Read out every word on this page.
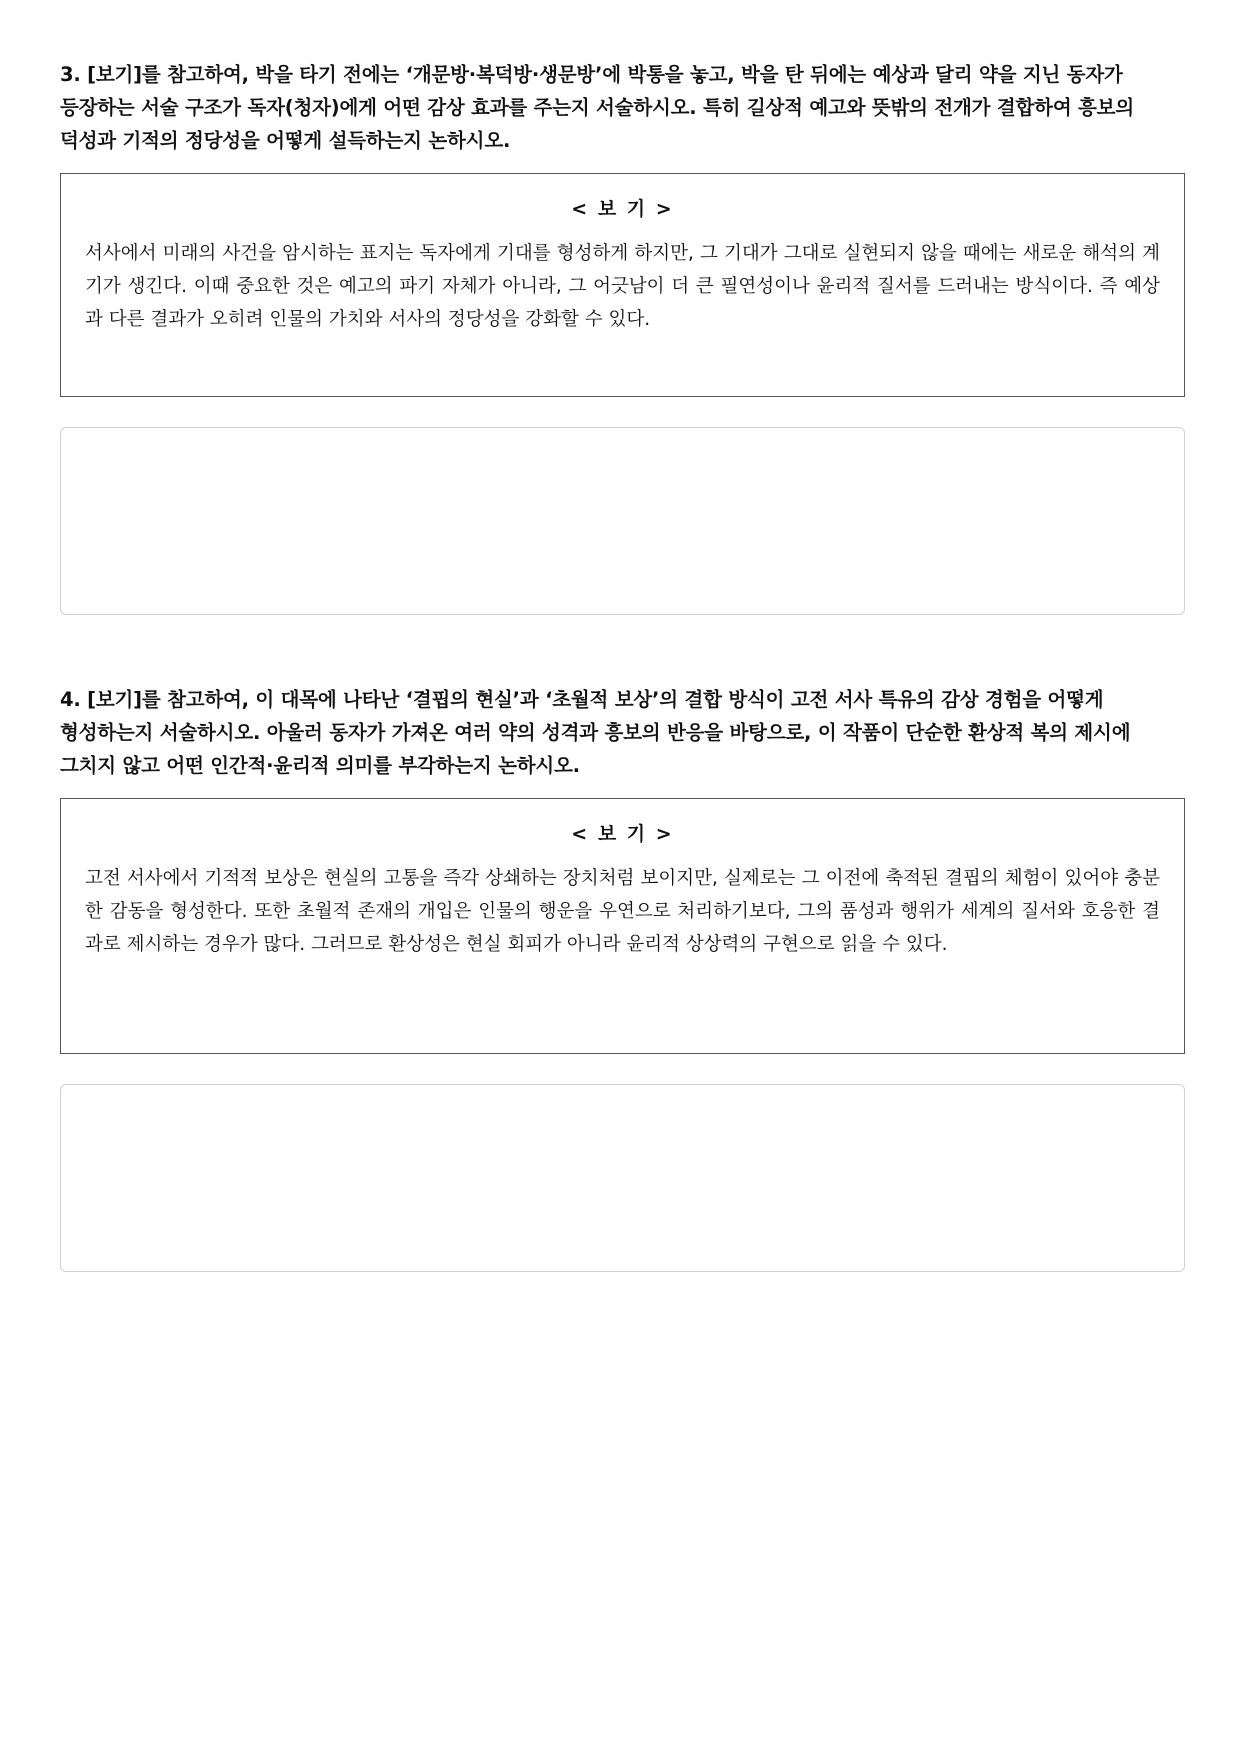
3. [보기]를 참고하여, 박을 타기 전에는 ‘개문방·복덕방·생문방’에 박통을 놓고, 박을 탄 뒤에는 예상과 달리 약을 지닌 동자가 등장하는 서술 구조가 독자(청자)에게 어떤 감상 효과를 주는지 서술하시오. 특히 길상적 예고와 뜻밖의 전개가 결합하여 흥보의 덕성과 기적의 정당성을 어떻게 설득하는지 논하시오.

< 보 기 >

서사에서 미래의 사건을 암시하는 표지는 독자에게 기대를 형성하게 하지만, 그 기대가 그대로 실현되지 않을 때에는 새로운 해석의 계기가 생긴다. 이때 중요한 것은 예고의 파기 자체가 아니라, 그 어긋남이 더 큰 필연성이나 윤리적 질서를 드러내는 방식이다. 즉 예상과 다른 결과가 오히려 인물의 가치와 서사의 정당성을 강화할 수 있다.

4. [보기]를 참고하여, 이 대목에 나타난 ‘결핍의 현실’과 ‘초월적 보상’의 결합 방식이 고전 서사 특유의 감상 경험을 어떻게 형성하는지 서술하시오. 아울러 동자가 가져온 여러 약의 성격과 흥보의 반응을 바탕으로, 이 작품이 단순한 환상적 복의 제시에 그치지 않고 어떤 인간적·윤리적 의미를 부각하는지 논하시오.

< 보 기 >

고전 서사에서 기적적 보상은 현실의 고통을 즉각 상쇄하는 장치처럼 보이지만, 실제로는 그 이전에 축적된 결핍의 체험이 있어야 충분한 감동을 형성한다. 또한 초월적 존재의 개입은 인물의 행운을 우연으로 처리하기보다, 그의 품성과 행위가 세계의 질서와 호응한 결과로 제시하는 경우가 많다. 그러므로 환상성은 현실 회피가 아니라 윤리적 상상력의 구현으로 읽을 수 있다.
